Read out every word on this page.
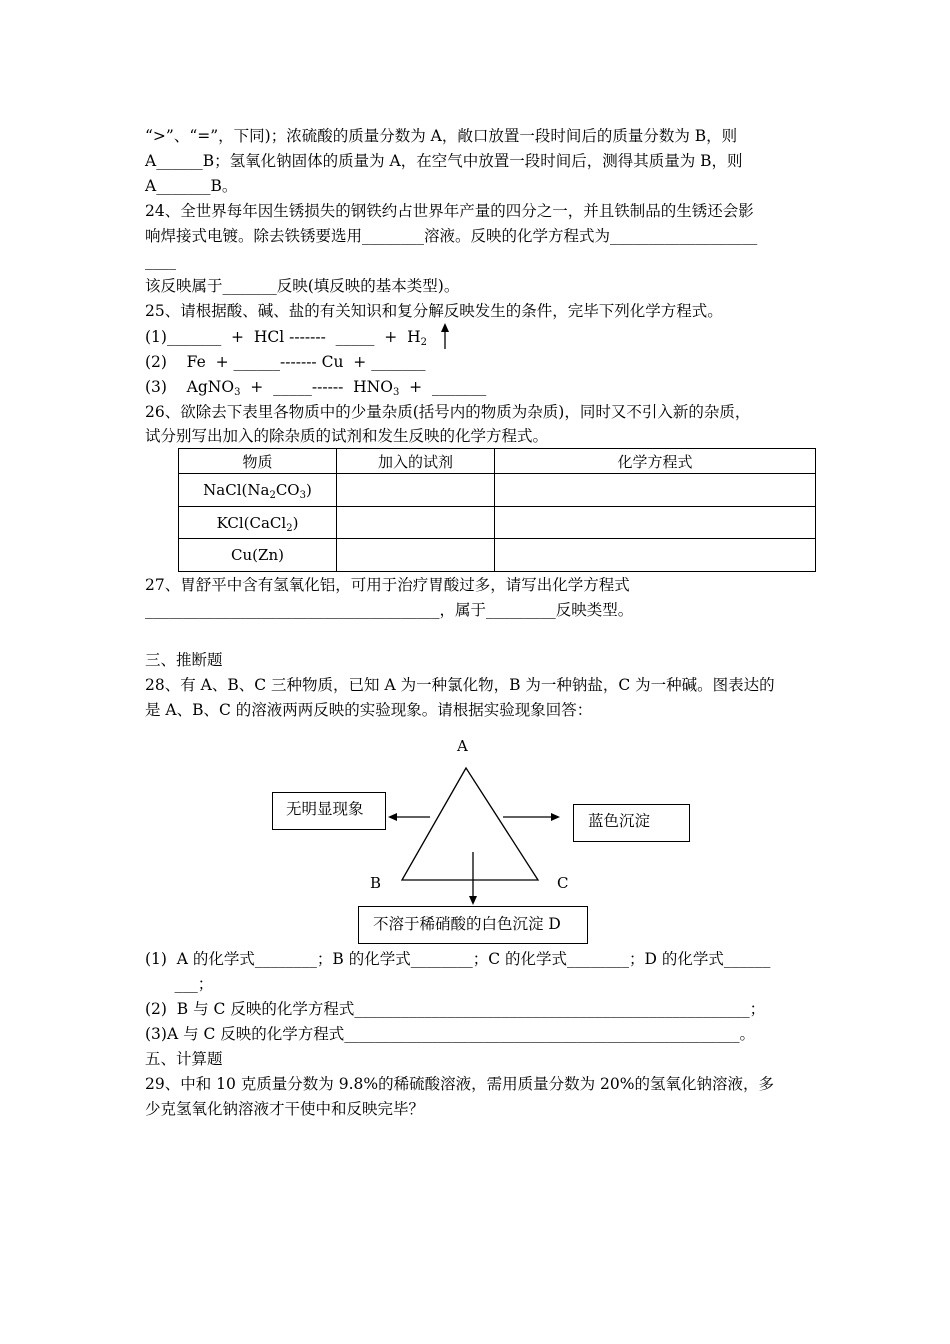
“>”、“=”，下同)；浓硫酸的质量分数为 A，敞口放置一段时间后的质量分数为 B，则
A______B；氢氧化钠固体的质量为 A，在空气中放置一段时间后，测得其质量为 B，则
A_______B。
24、全世界每年因生锈损失的钢铁约占世界年产量的四分之一，并且铁制品的生锈还会影
响焊接式电镀。除去铁锈要选用________溶液。反映的化学方程式为___________________
____
该反映属于_______反映(填反映的基本类型)。
25、请根据酸、碱、盐的有关知识和复分解反映发生的条件，完毕下列化学方程式。
(1)_______  +  HCl -------  _____  +  $H_2$
(2)    Fe  + ______------- Cu  + _______
(3)    AgNO$_3$  +  _____------  $HNO_3$  +  _______
26、欲除去下表里各物质中的少量杂质(括号内的物质为杂质)，同时又不引入新的杂质，
试分别写出加入的除杂质的试剂和发生反映的化学方程式。
物质	加入的试剂	化学方程式
$NaCl(Na_2CO_3)$		
KCl(CaCl$_2$)		
Cu(Zn)		
27、胃舒平中含有氢氧化铝，可用于治疗胃酸过多，请写出化学方程式
______________________________________，属于_________反映类型。
三、推断题
28、有 A、B、C 三种物质，已知 A 为一种氯化物，B 为一种钠盐，C 为一种碱。图表达的
是 A、B、C 的溶液两两反映的实验现象。请根据实验现象回答：
A
B	C
无明显现象
蓝色沉淀
不溶于稀硝酸的白色沉淀 D
(1)  A 的化学式________；B 的化学式________；C 的化学式________；D 的化学式______
___；
(2)  B 与 C 反映的化学方程式___________________________________________________；
(3)A 与 C 反映的化学方程式___________________________________________________。
五、计算题
29、中和 10 克质量分数为 9.8%的稀硫酸溶液，需用质量分数为 20%的氢氧化钠溶液，多
少克氢氧化钠溶液才干使中和反映完毕？
